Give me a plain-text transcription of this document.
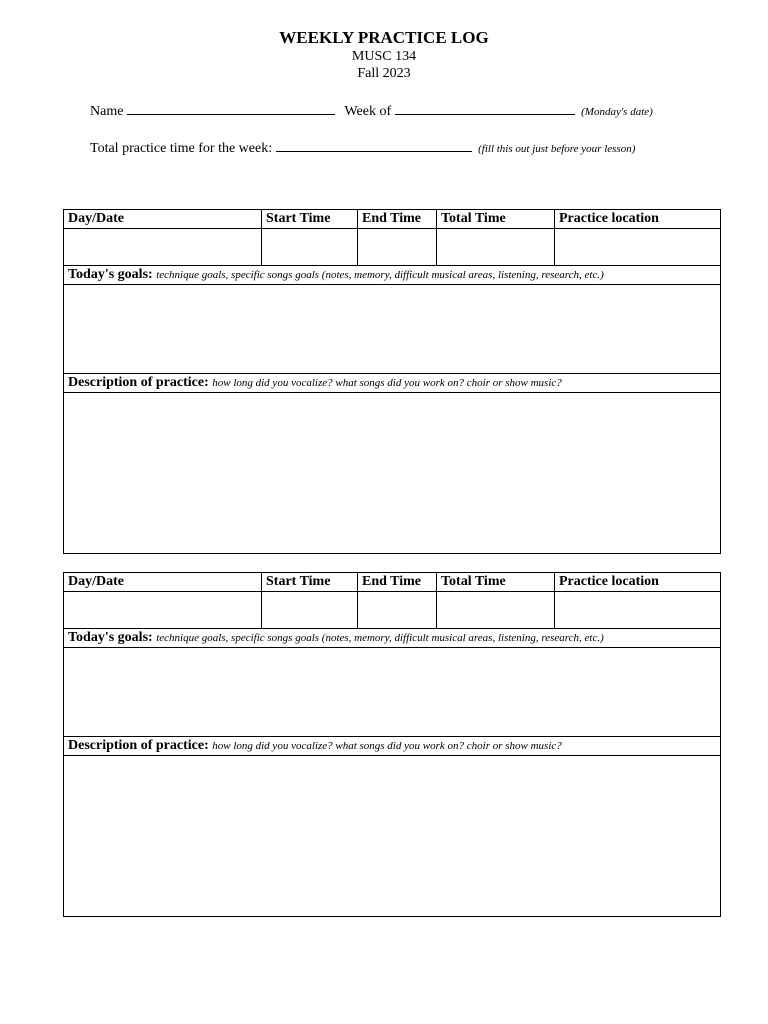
WEEKLY PRACTICE LOG
MUSC 134
Fall 2023
Name	Week of	(Monday's date)
Total practice time for the week:	(fill this out just before your lesson)
Day/Date	Start Time	End Time	Total Time	Practice location

Today's goals: technique goals, specific songs goals (notes, memory, difficult musical areas, listening, research, etc.)				

Description of practice: how long did you vocalize? what songs did you work on? choir or show music?				

Day/Date	Start Time	End Time	Total Time	Practice location

Today's goals: technique goals, specific songs goals (notes, memory, difficult musical areas, listening, research, etc.)				

Description of practice: how long did you vocalize? what songs did you work on? choir or show music?				
